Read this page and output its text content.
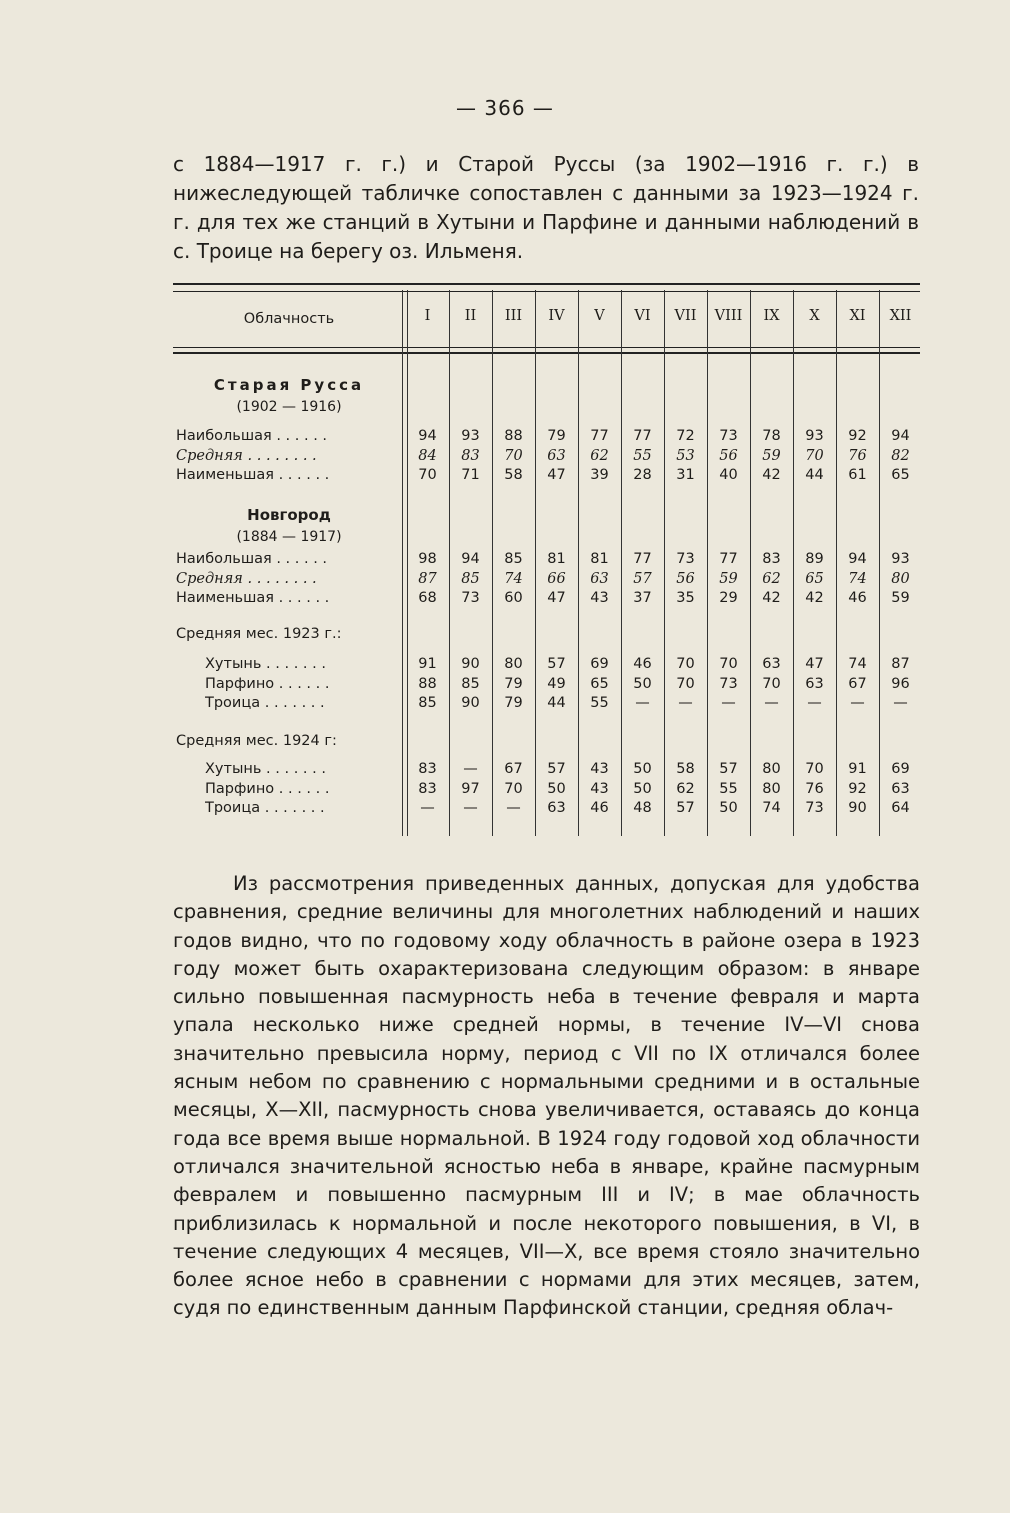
— 366 —

с 1884—1917 г. г.) и Старой Руссы (за 1902—1916 г. г.) в нижеследующей табличке сопоставлен с данными за 1923—1924 г. г. для тех же станций в Хутыни и Парфине и данными наблюдений в с. Троице на берегу оз. Ильменя.

Облачность	I	II	III	IV	V	VI	VII	VIII	IX	X	XI	XII
Старая Русса
(1902 — 1916)
Наибольшая . . . . . .	94	93	88	79	77	77	72	73	78	93	92	94
Средняя . . . . . . . .	84	83	70	63	62	55	53	56	59	70	76	82
Наименьшая . . . . . .	70	71	58	47	39	28	31	40	42	44	61	65
Новгород
(1884 — 1917)
Наибольшая . . . . . .	98	94	85	81	81	77	73	77	83	89	94	93
Средняя . . . . . . . .	87	85	74	66	63	57	56	59	62	65	74	80
Наименьшая . . . . . .	68	73	60	47	43	37	35	29	42	42	46	59
Средняя мес. 1923 г.:
Хутынь . . . . . . .	91	90	80	57	69	46	70	70	63	47	74	87
Парфино . . . . . .	88	85	79	49	65	50	70	73	70	63	67	96
Троица . . . . . . .	85	90	79	44	55	—	—	—	—	—	—	—
Средняя мес. 1924 г:
Хутынь . . . . . . .	83	—	67	57	43	50	58	57	80	70	91	69
Парфино . . . . . .	83	97	70	50	43	50	62	55	80	76	92	63
Троица . . . . . . .	—	—	—	63	46	48	57	50	74	73	90	64

Из рассмотрения приведенных данных, допуская для удобства сравнения, средние величины для многолетних наблюдений и наших годов видно, что по годовому ходу облачность в районе озера в 1923 году может быть охарактеризована следующим образом: в январе сильно повышенная пасмурность неба в течение февраля и марта упала несколько ниже средней нормы, в течение IV—VI снова значительно превысила норму, период с VII по IX отличался более ясным небом по сравнению с нормальными средними и в остальные месяцы, X—XII, пасмурность снова увеличивается, оставаясь до конца года все время выше нормальной. В 1924 году годовой ход облачности отличался значительной ясностью неба в январе, крайне пасмурным февралем и повышенно пасмурным III и IV; в мае облачность приблизилась к нормальной и после некоторого повышения, в VI, в течение следующих 4 месяцев, VII—X, все время стояло значительно более ясное небо в сравнении с нормами для этих месяцев, затем, судя по единственным данным Парфинской станции, средняя облач-
